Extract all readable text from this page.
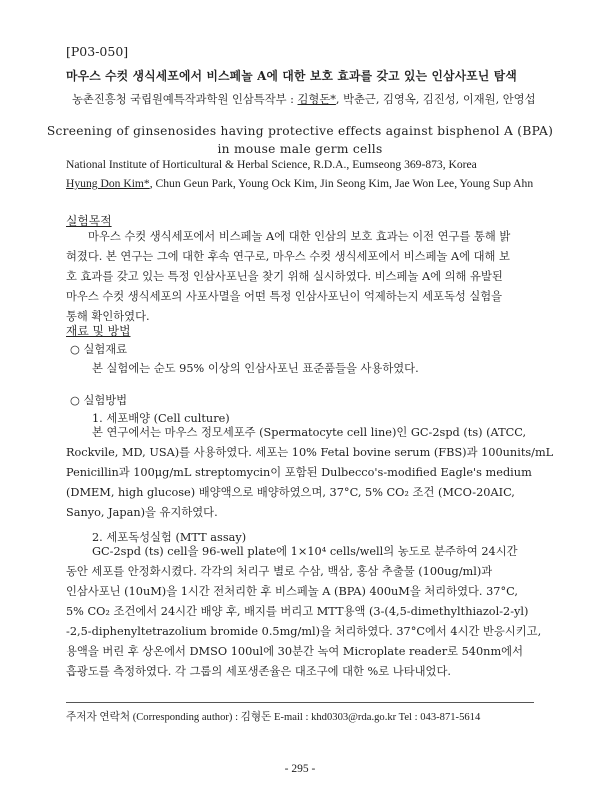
[P03-050]
마우스 수컷 생식세포에서 비스페놀 A에 대한 보호 효과를 갖고 있는 인삼사포닌 탐색
농촌진흥청 국립원예특작과학원 인삼특작부 : 김형돈*, 박춘근, 김영옥, 김진성, 이재원, 안영섭
Screening of ginsenosides having protective effects against bisphenol A (BPA)
in mouse male germ cells
National Institute of Horticultural & Herbal Science, R.D.A., Eumseong 369-873, Korea
Hyung Don Kim*, Chun Geun Park, Young Ock Kim, Jin Seong Kim, Jae Won Lee, Young Sup Ahn
실험목적
마우스 수컷 생식세포에서 비스페놀 A에 대한 인삼의 보호 효과는 이전 연구를 통해 밝
혀졌다. 본 연구는 그에 대한 후속 연구로, 마우스 수컷 생식세포에서 비스페놀 A에 대해 보
호 효과를 갖고 있는 특정 인삼사포닌을 찾기 위해 실시하였다. 비스페놀 A에 의해 유발된
마우스 수컷 생식세포의 사포사멸을 어떤 특정 인삼사포닌이 억제하는지 세포독성 실험을
통해 확인하였다.
재료 및 방법
○ 실험재료
본 실험에는 순도 95% 이상의 인삼사포닌 표준품들을 사용하였다.
○ 실험방법
1. 세포배양 (Cell culture)
본 연구에서는 마우스 정모세포주 (Spermatocyte cell line)인 GC-2spd (ts) (ATCC,
Rockvile, MD, USA)를 사용하였다. 세포는 10% Fetal bovine serum (FBS)과 100units/mL
Penicillin과 100μg/mL streptomycin이 포함된 Dulbecco's-modified Eagle's medium
(DMEM, high glucose) 배양액으로 배양하였으며, 37°C, 5% CO₂ 조건 (MCO-20AIC,
Sanyo, Japan)을 유지하였다.
2. 세포독성실험 (MTT assay)
GC-2spd (ts) cell을 96-well plate에 1×10⁴ cells/well의 농도로 분주하여 24시간
동안 세포를 안정화시켰다. 각각의 처리구 별로 수삼, 백삼, 홍삼 추출물 (100ug/ml)과
인삼사포닌 (10uM)을 1시간 전처리한 후 비스페놀 A (BPA) 400uM을 처리하였다. 37°C,
5% CO₂ 조건에서 24시간 배양 후, 배지를 버리고 MTT용액 (3-(4,5-dimethylthiazol-2-yl)
-2,5-diphenyltetrazolium bromide 0.5mg/ml)을 처리하였다. 37°C에서 4시간 반응시키고,
용액을 버린 후 상온에서 DMSO 100ul에 30분간 녹여 Microplate reader로 540nm에서
흡광도를 측정하였다. 각 그룹의 세포생존율은 대조구에 대한 %로 나타내었다.
주저자 연락처 (Corresponding author) : 김형돈 E-mail : khd0303@rda.go.kr Tel : 043-871-5614
- 295 -
